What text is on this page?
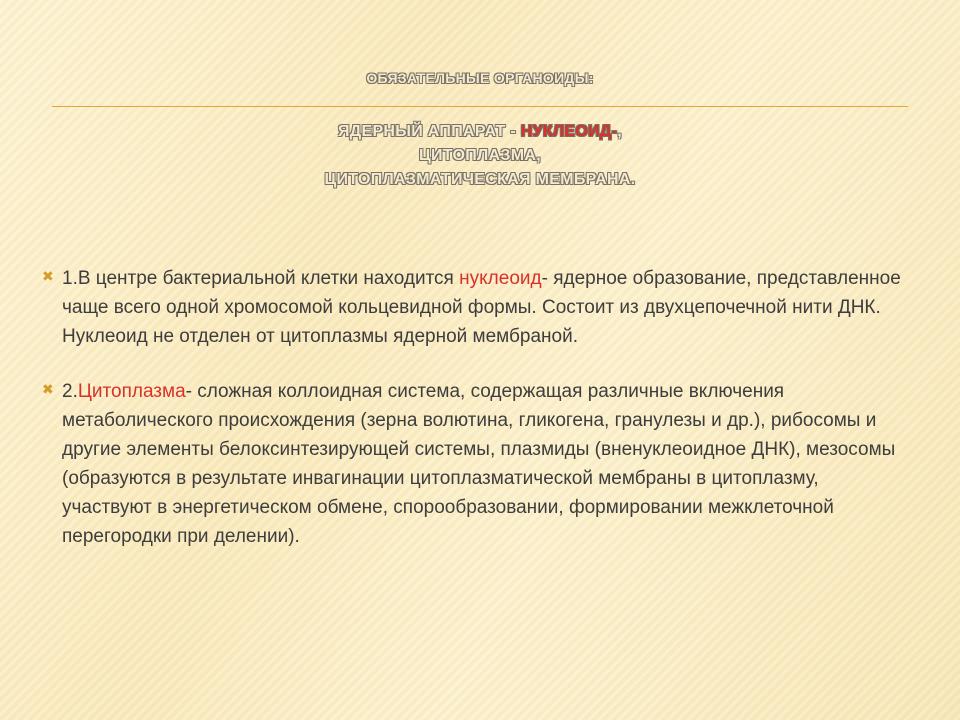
ОБЯЗАТЕЛЬНЫЕ ОРГАНОИДЫ:
ЯДЕРНЫЙ АППАРАТ - НУКЛЕОИД-,
ЦИТОПЛАЗМА,
ЦИТОПЛАЗМАТИЧЕСКАЯ МЕМБРАНА.
✖ 1.В центре бактериальной клетки находится нуклеоид- ядерное образование, представленное чаще всего одной хромосомой кольцевидной формы. Состоит из двухцепочечной нити ДНК. Нуклеоид не отделен от цитоплазмы ядерной мембраной.
✖ 2.Цитоплазма- сложная коллоидная система, содержащая различные включения метаболического происхождения (зерна волютина, гликогена, гранулезы и др.), рибосомы и другие элементы белоксинтезирующей системы, плазмиды (вненуклеоидное ДНК), мезосомы (образуются в результате инвагинации цитоплазматической мембраны в цитоплазму, участвуют в энергетическом обмене, спорообразовании, формировании межклеточной перегородки при делении).
